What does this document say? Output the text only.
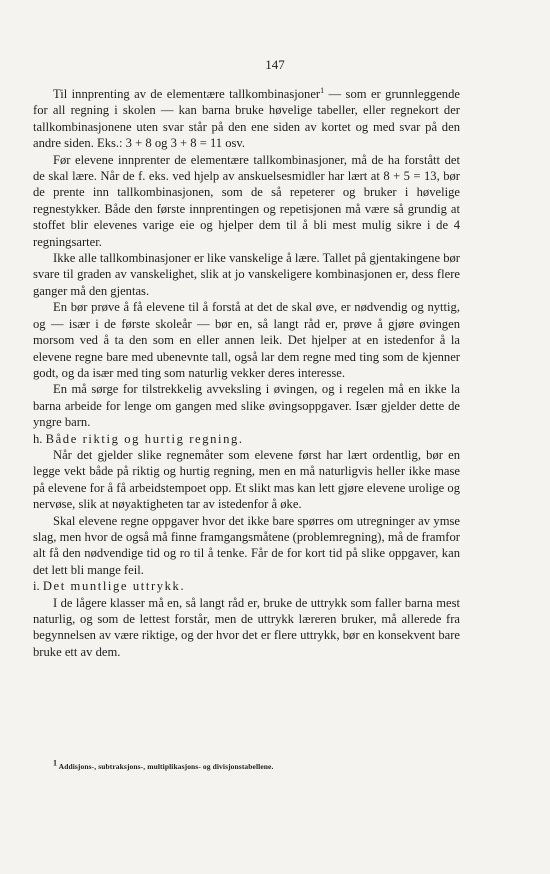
147

Til innprenting av de elementære tallkombinasjoner$^1$ — som er grunnleggende for all regning i skolen — kan barna bruke høvelige tabeller, eller regnekort der tallkombinasjonene uten svar står på den ene siden av kortet og med svar på den andre siden. Eks.: 3 + 8 og 3 + 8 = 11 osv.

Før elevene innprenter de elementære tallkombinasjoner, må de ha forstått det de skal lære. Når de f. eks. ved hjelp av anskuelsesmidler har lært at 8 + 5 = 13, bør de prente inn tallkombinasjonen, som de så repeterer og bruker i høvelige regnestykker. Både den første innprentingen og repetisjonen må være så grundig at stoffet blir elevenes varige eie og hjelper dem til å bli mest mulig sikre i de 4 regningsarter.

Ikke alle tallkombinasjoner er like vanskelige å lære. Tallet på gjentakingene bør svare til graden av vanskelighet, slik at jo vanskeligere kombinasjonen er, dess flere ganger må den gjentas.

En bør prøve å få elevene til å forstå at det de skal øve, er nødvendig og nyttig, og — især i de første skoleår — bør en, så langt råd er, prøve å gjøre øvingen morsom ved å ta den som en eller annen leik. Det hjelper at en istedenfor å la elevene regne bare med ubenevnte tall, også lar dem regne med ting som de kjenner godt, og da især med ting som naturlig vekker deres interesse.

En må sørge for tilstrekkelig avveksling i øvingen, og i regelen må en ikke la barna arbeide for lenge om gangen med slike øvingsoppgaver. Især gjelder dette de yngre barn.

h. Både riktig og hurtig regning.

Når det gjelder slike regnemåter som elevene først har lært ordentlig, bør en legge vekt både på riktig og hurtig regning, men en må naturligvis heller ikke mase på elevene for å få arbeidstempoet opp. Et slikt mas kan lett gjøre elevene urolige og nervøse, slik at nøyaktigheten tar av istedenfor å øke.

Skal elevene regne oppgaver hvor det ikke bare spørres om utregninger av ymse slag, men hvor de også må finne framgangsmåtene (problemregning), må de framfor alt få den nødvendige tid og ro til å tenke. Får de for kort tid på slike oppgaver, kan det lett bli mange feil.

i. Det muntlige uttrykk.

I de lågere klasser må en, så langt råd er, bruke de uttrykk som faller barna mest naturlig, og som de lettest forstår, men de uttrykk læreren bruker, må allerede fra begynnelsen av være riktige, og der hvor det er flere uttrykk, bør en konsekvent bare bruke ett av dem.

1 Addisjons-, subtraksjons-, multiplikasjons- og divisjonstabellene.
